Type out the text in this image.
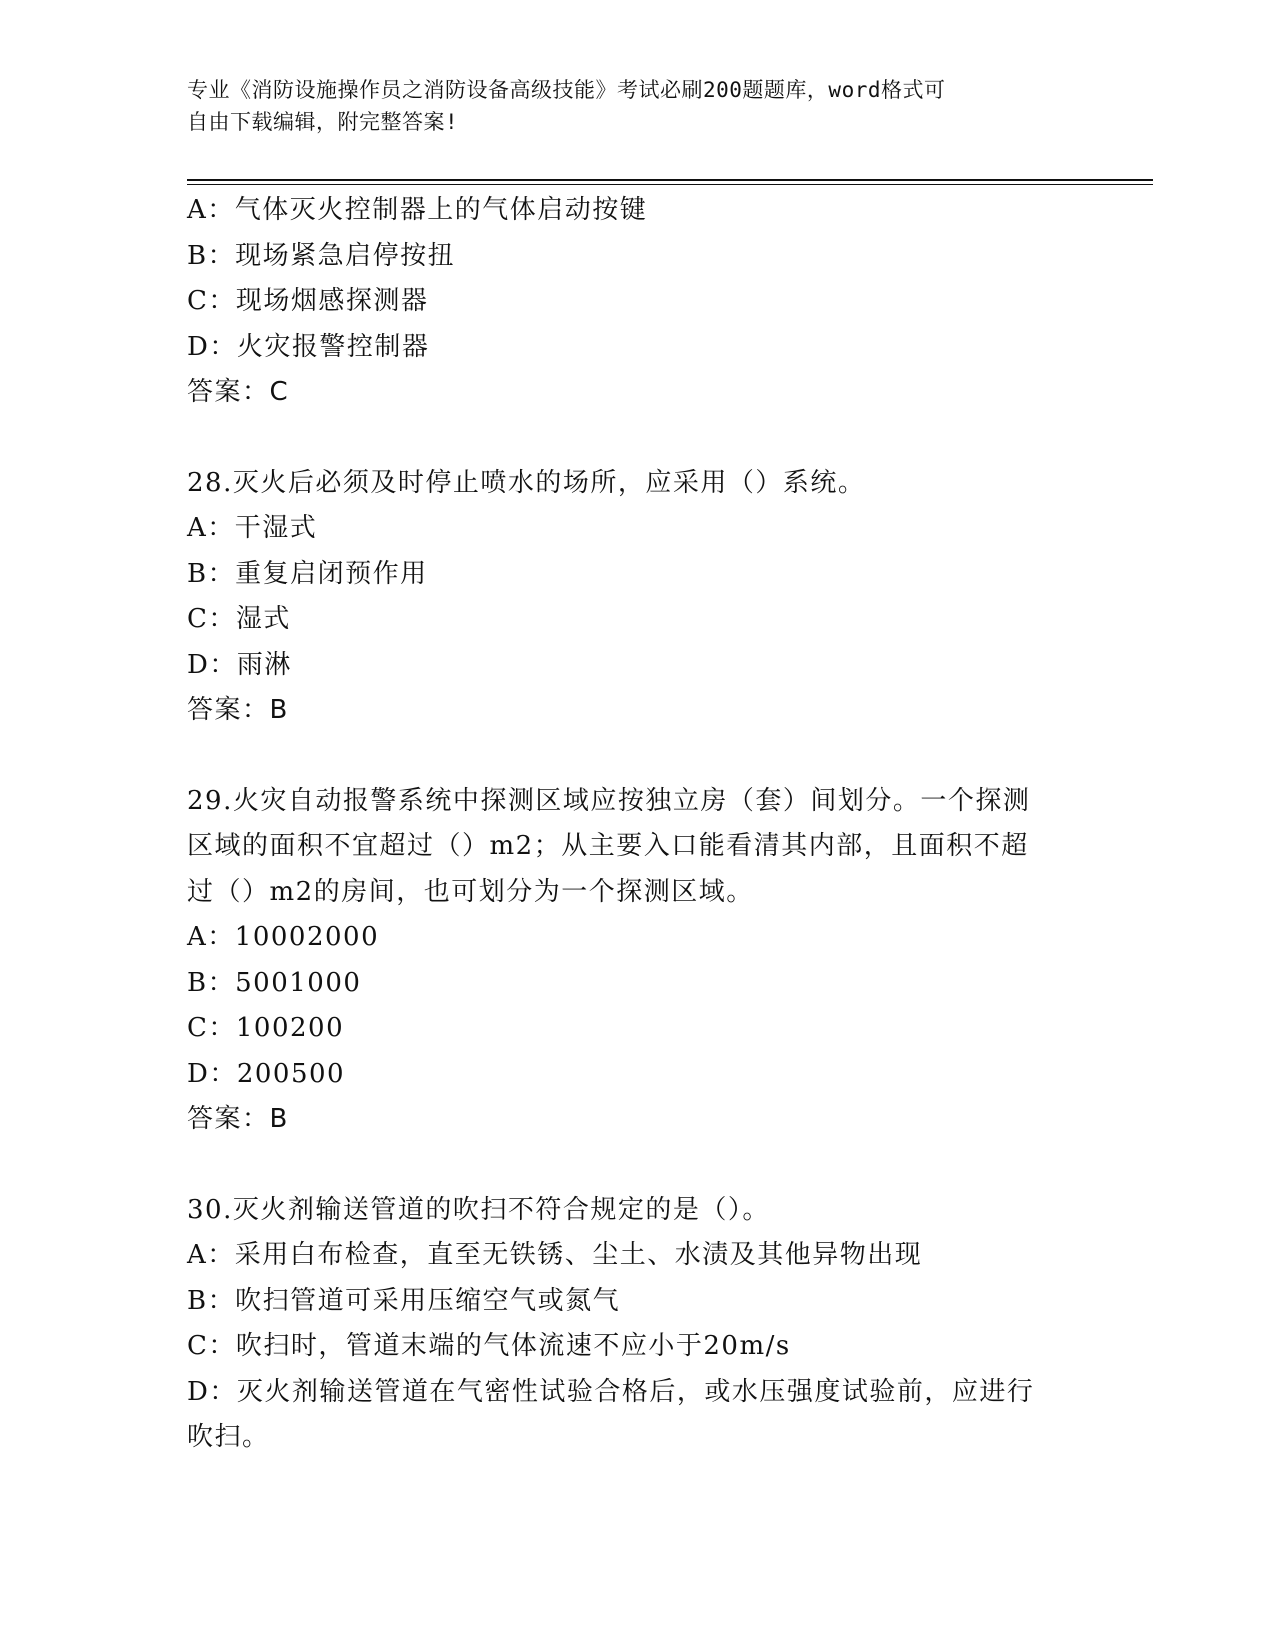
专业《消防设施操作员之消防设备高级技能》考试必刷200题题库，word格式可
自由下载编辑，附完整答案!
A：气体灭火控制器上的气体启动按键
B：现场紧急启停按扭
C：现场烟感探测器
D：火灾报警控制器
答案：C
28.灭火后必须及时停止喷水的场所，应采用（）系统。
A：干湿式
B：重复启闭预作用
C：湿式
D：雨淋
答案：B
29.火灾自动报警系统中探测区域应按独立房（套）间划分。一个探测
区域的面积不宜超过（）m2；从主要入口能看清其内部，且面积不超
过（）m2的房间，也可划分为一个探测区域。
A：10002000
B：5001000
C：100200
D：200500
答案：B
30.灭火剂输送管道的吹扫不符合规定的是（）。
A：采用白布检查，直至无铁锈、尘土、水渍及其他异物出现
B：吹扫管道可采用压缩空气或氮气
C：吹扫时，管道末端的气体流速不应小于20m/s
D：灭火剂输送管道在气密性试验合格后，或水压强度试验前，应进行
吹扫。
